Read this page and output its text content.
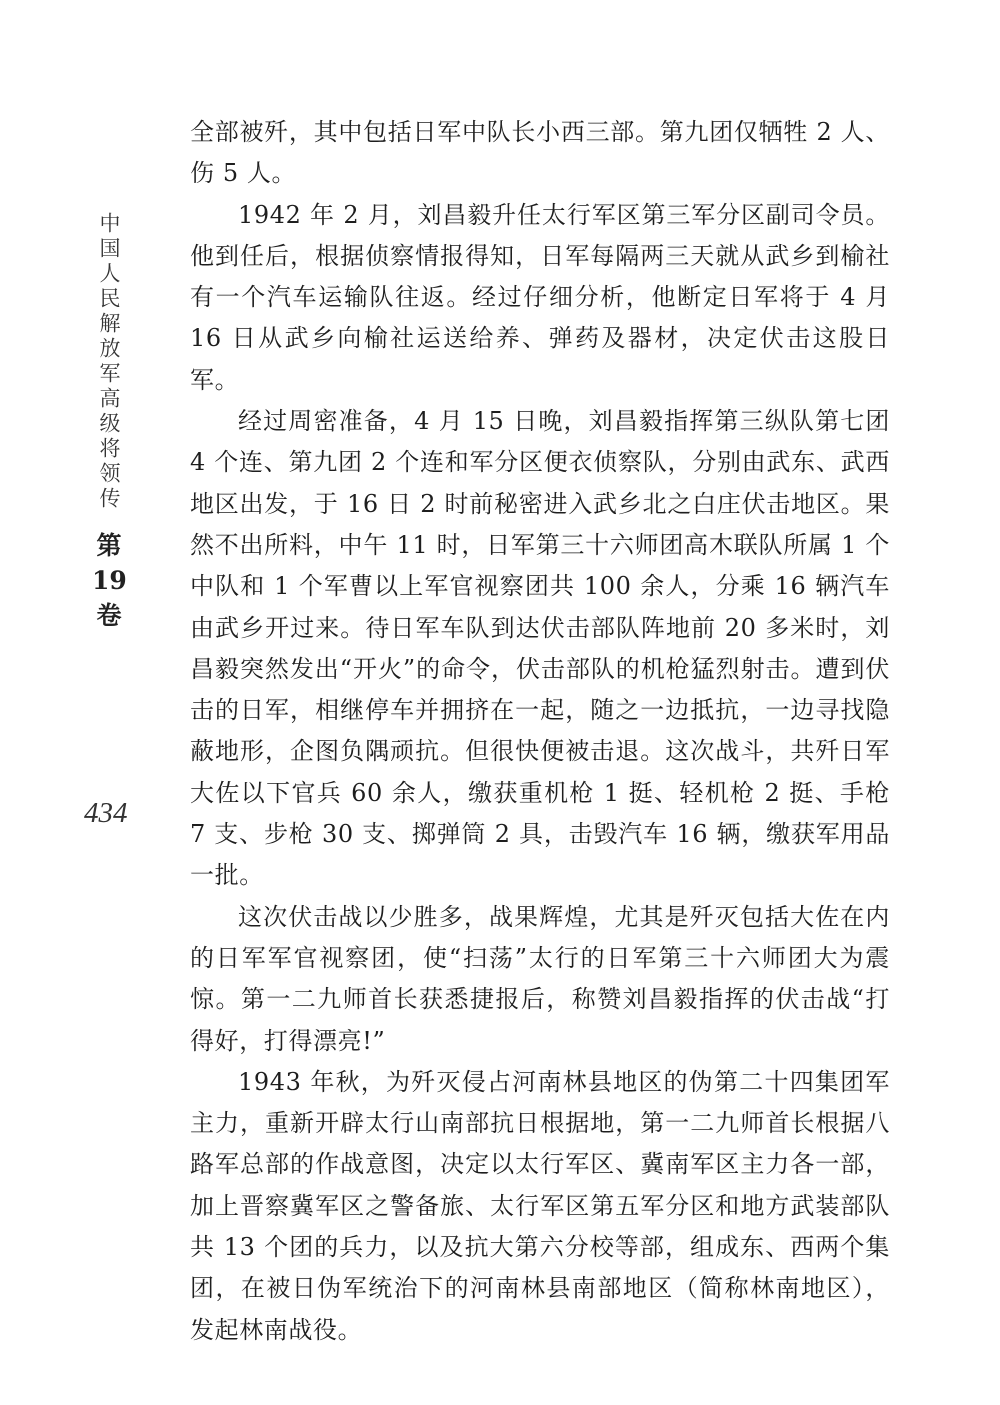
中国人民解放军高级将领传
第
19
卷
434

全部被歼，其中包括日军中队长小西三部。第九团仅牺牲 2 人、伤 5 人。

1942 年 2 月，刘昌毅升任太行军区第三军分区副司令员。他到任后，根据侦察情报得知，日军每隔两三天就从武乡到榆社有一个汽车运输队往返。经过仔细分析，他断定日军将于 4 月 16 日从武乡向榆社运送给养、弹药及器材，决定伏击这股日军。

经过周密准备，4 月 15 日晚，刘昌毅指挥第三纵队第七团 4 个连、第九团 2 个连和军分区便衣侦察队，分别由武东、武西地区出发，于 16 日 2 时前秘密进入武乡北之白庄伏击地区。果然不出所料，中午 11 时，日军第三十六师团高木联队所属 1 个中队和 1 个军曹以上军官视察团共 100 余人，分乘 16 辆汽车由武乡开过来。待日军车队到达伏击部队阵地前 20 多米时，刘昌毅突然发出“开火”的命令，伏击部队的机枪猛烈射击。遭到伏击的日军，相继停车并拥挤在一起，随之一边抵抗，一边寻找隐蔽地形，企图负隅顽抗。但很快便被击退。这次战斗，共歼日军大佐以下官兵 60 余人，缴获重机枪 1 挺、轻机枪 2 挺、手枪 7 支、步枪 30 支、掷弹筒 2 具，击毁汽车 16 辆，缴获军用品一批。

这次伏击战以少胜多，战果辉煌，尤其是歼灭包括大佐在内的日军军官视察团，使“扫荡”太行的日军第三十六师团大为震惊。第一二九师首长获悉捷报后，称赞刘昌毅指挥的伏击战“打得好，打得漂亮!”

1943 年秋，为歼灭侵占河南林县地区的伪第二十四集团军主力，重新开辟太行山南部抗日根据地，第一二九师首长根据八路军总部的作战意图，决定以太行军区、冀南军区主力各一部，加上晋察冀军区之警备旅、太行军区第五军分区和地方武装部队共 13 个团的兵力，以及抗大第六分校等部，组成东、西两个集团，在被日伪军统治下的河南林县南部地区（简称林南地区），发起林南战役。
